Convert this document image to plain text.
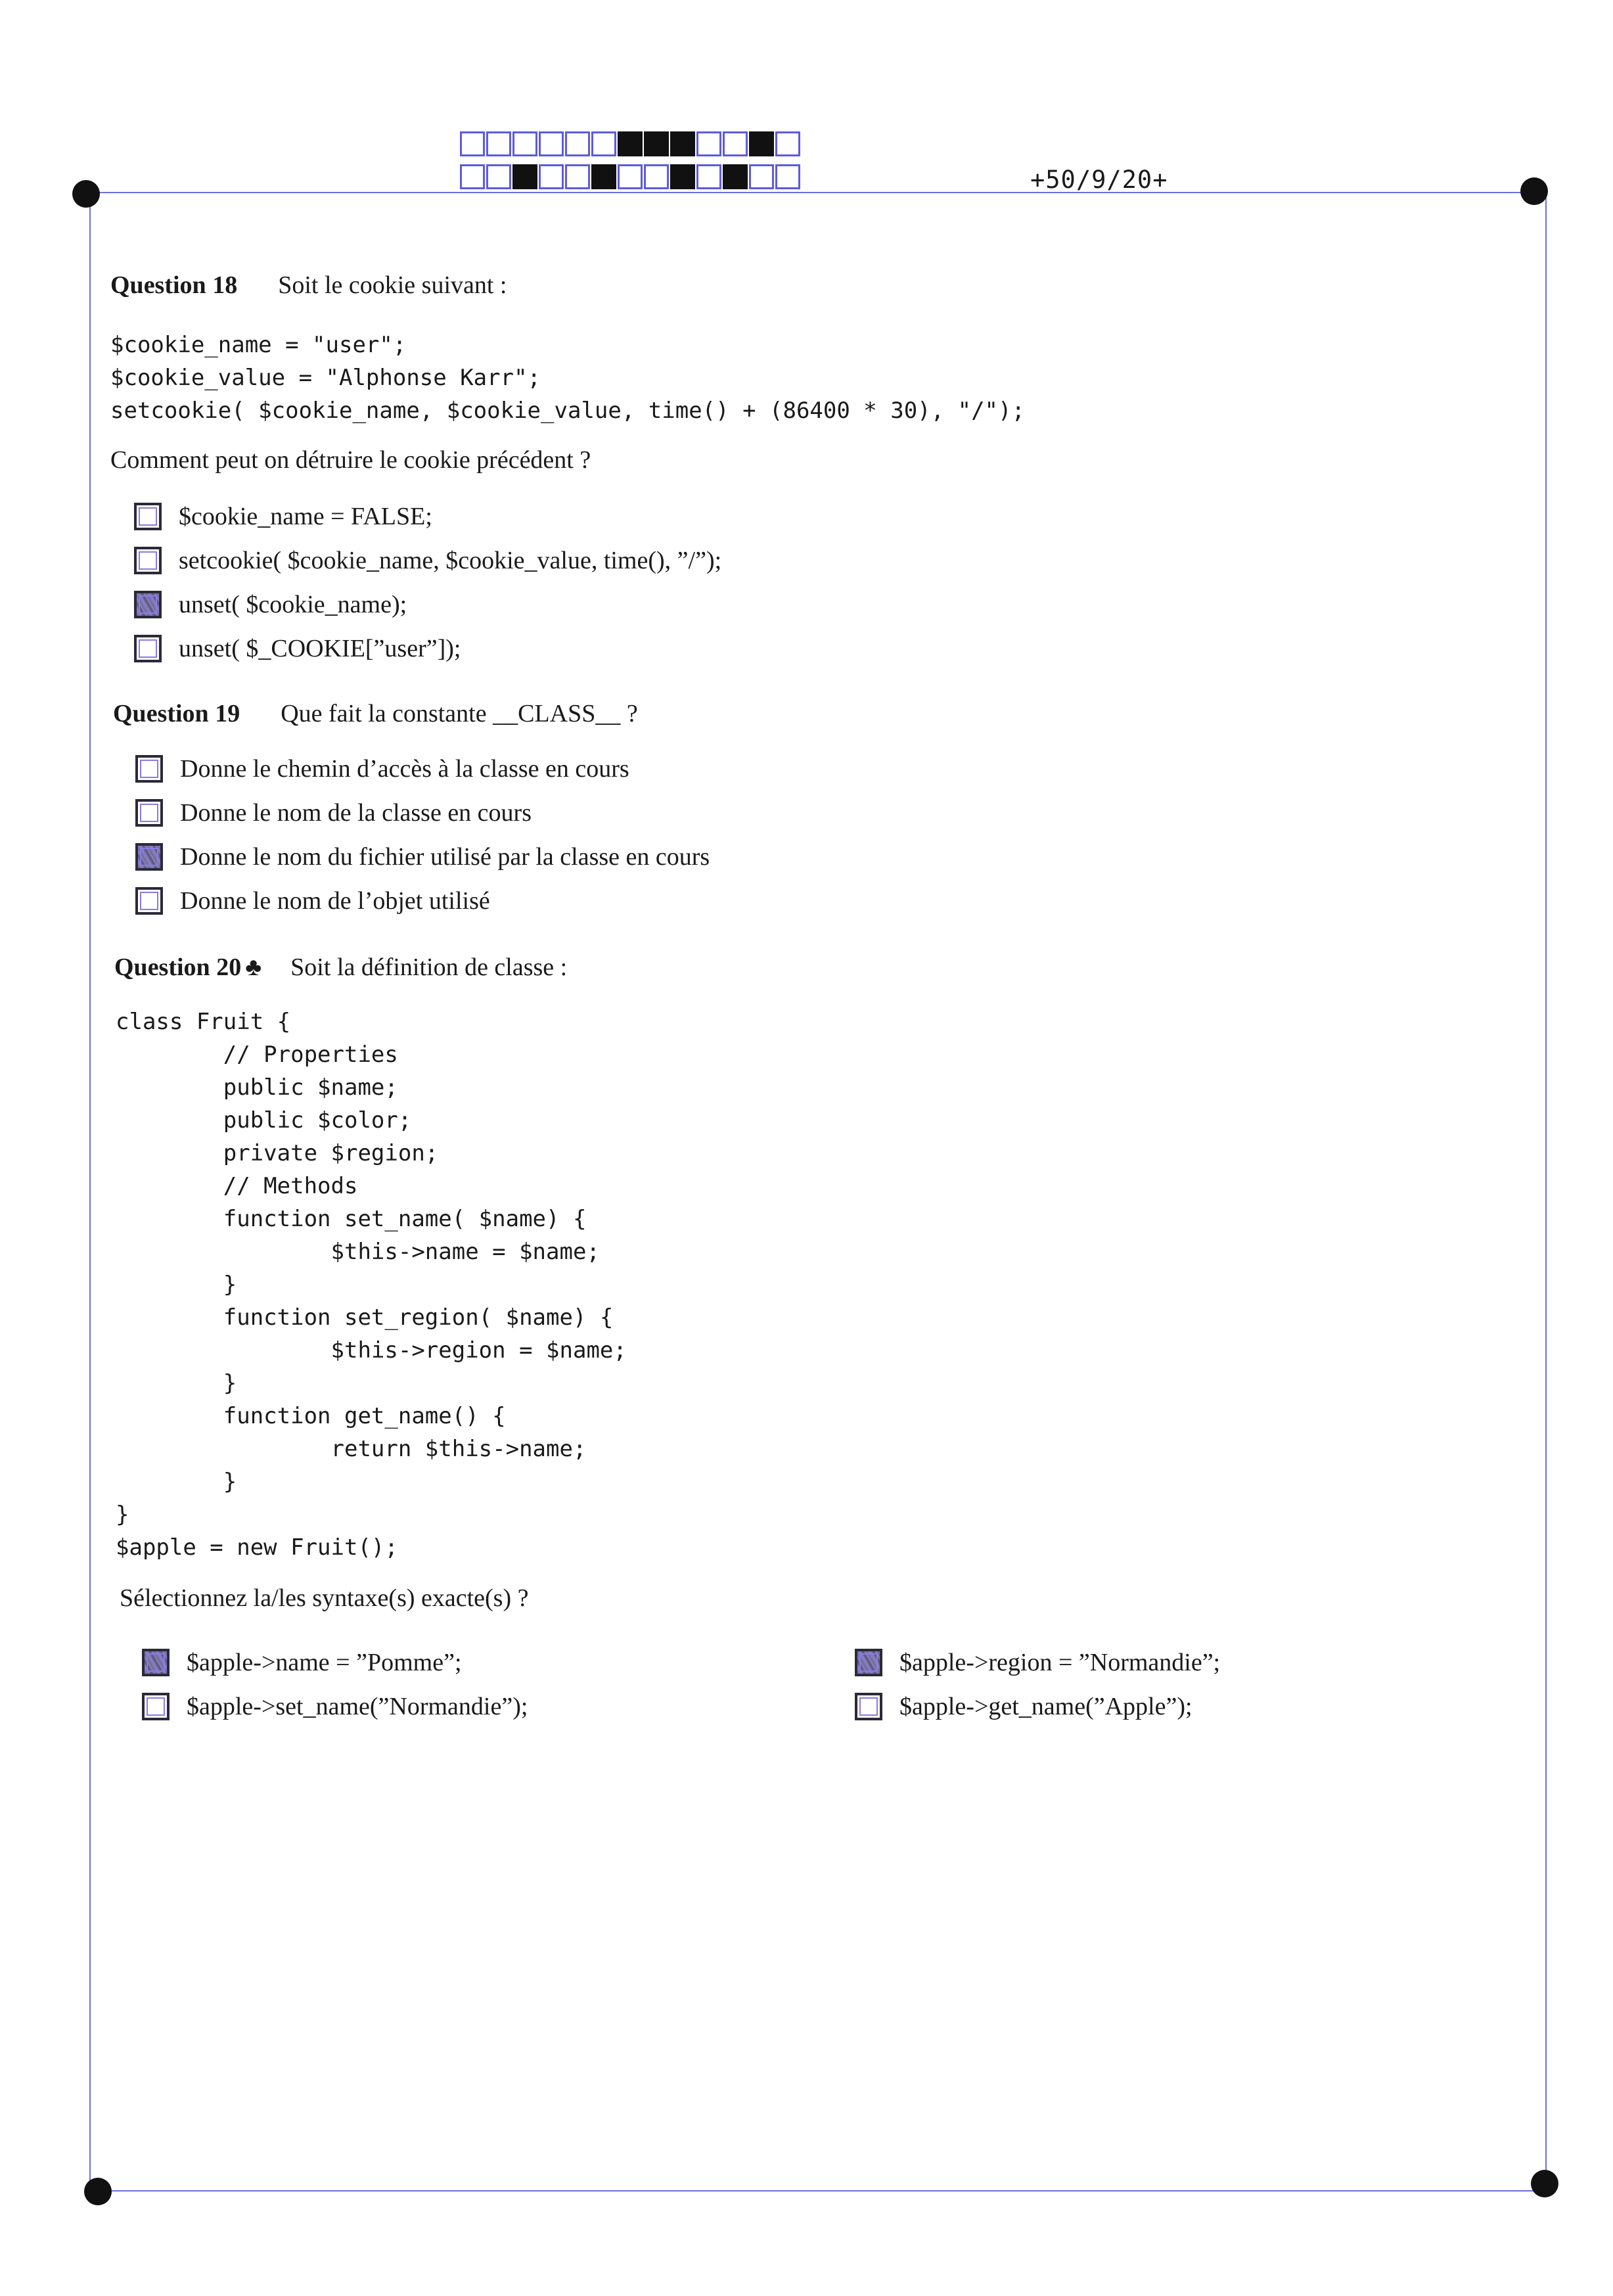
+50/9/20+
Question 18 Soit le cookie suivant :
$cookie_name = "user";
$cookie_value = "Alphonse Karr";
setcookie( $cookie_name, $cookie_value, time() + (86400 * 30), "/");
Comment peut on détruire le cookie précédent ?
$cookie_name = FALSE;
setcookie( $cookie_name, $cookie_value, time(), ”/”);
unset( $cookie_name);
unset( $_COOKIE[”user”]);
Question 19 Que fait la constante __CLASS__ ?
Donne le chemin d’accès à la classe en cours
Donne le nom de la classe en cours
Donne le nom du fichier utilisé par la classe en cours
Donne le nom de l’objet utilisé
Question 20 ♣ Soit la définition de classe :
class Fruit {
// Properties
public $name;
public $color;
private $region;
// Methods
function set_name( $name) {
$this->name = $name;
}
function set_region( $name) {
$this->region = $name;
}
function get_name() {
return $this->name;
}
}
$apple = new Fruit();
Sélectionnez la/les syntaxe(s) exacte(s) ?
$apple->name = ”Pomme”;	$apple->region = ”Normandie”;
$apple->set_name(”Normandie”);	$apple->get_name(”Apple”);
